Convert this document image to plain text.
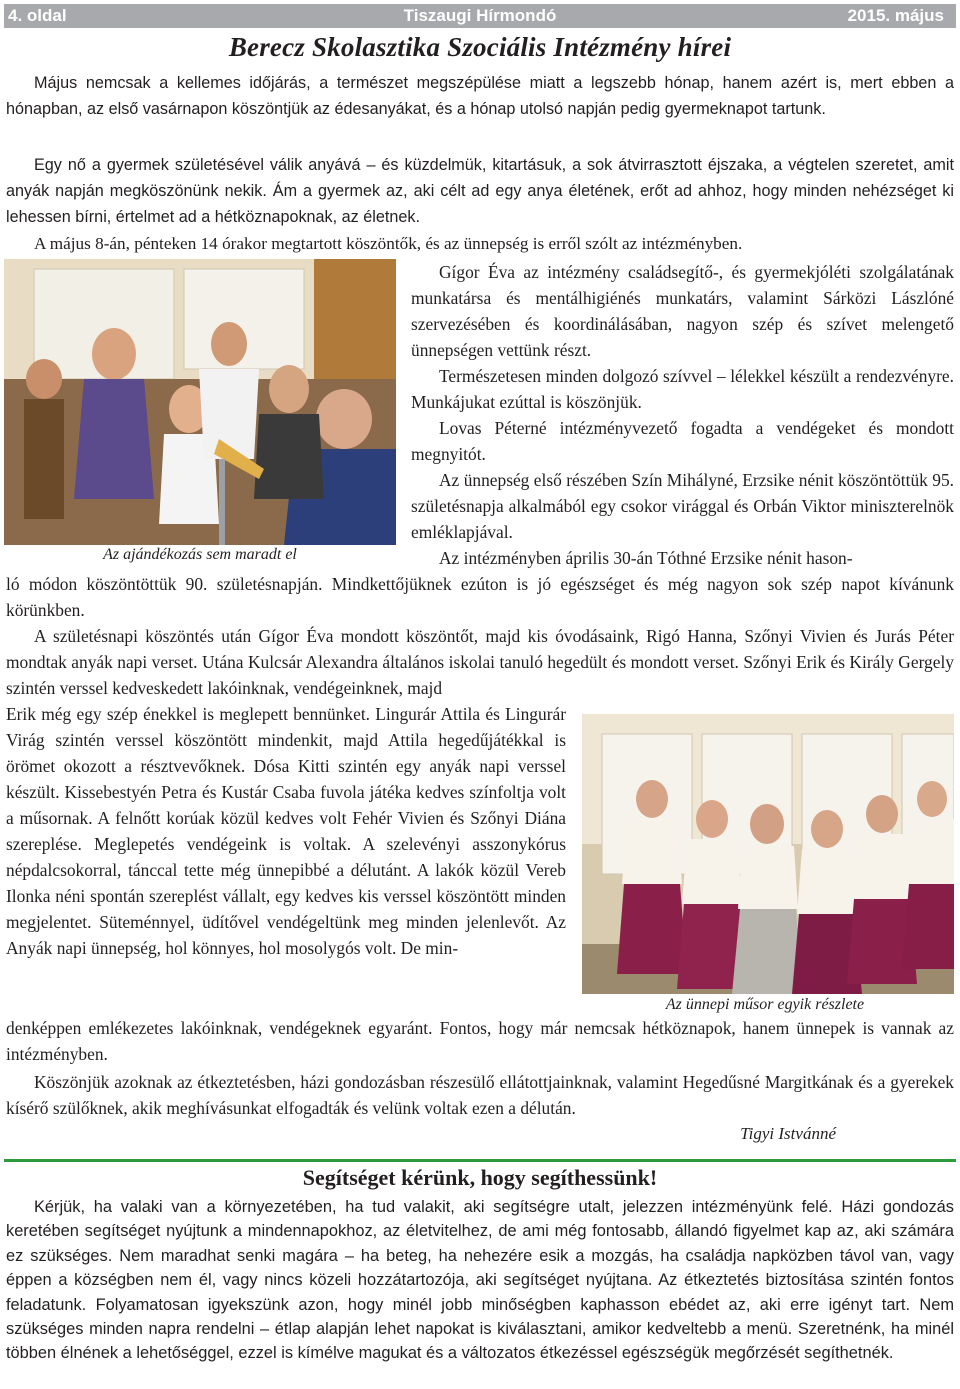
4. oldal	Tiszaugi Hírmondó	2015. május
Berecz Skolasztika Szociális Intézmény hírei

Május nemcsak a kellemes időjárás, a természet megszépülése miatt a legszebb hónap, hanem azért is, mert ebben a hónapban, az első vasárnapon köszöntjük az édesanyákat, és a hónap utolsó napján pedig gyermeknapot tartunk.

Egy nő a gyermek születésével válik anyává – és küzdelmük, kitartásuk, a sok átvirrasztott éjszaka, a végtelen szeretet, amit anyák napján megköszönünk nekik. Ám a gyermek az, aki célt ad egy anya életének, erőt ad ahhoz, hogy minden nehézséget ki lehessen bírni, értelmet ad a hétköznapoknak, az életnek.

A május 8-án, pénteken 14 órakor megtartott köszöntők, és az ünnepség is erről szólt az intézményben.

Az ajándékozás sem maradt el

Gígor Éva az intézmény családsegítő-, és gyermekjóléti szolgálatának munkatársa és mentálhigiénés munkatárs, valamint Sárközi Lászlóné szervezésében és koordinálásában, nagyon szép és szívet melengető ünnepségen vettünk részt.

Természetesen minden dolgozó szívvel – lélekkel készült a rendezvényre. Munkájukat ezúttal is köszönjük.

Lovas Péterné intézményvezető fogadta a vendégeket és mondott megnyitót.

Az ünnepség első részében Szín Mihályné, Erzsike nénit köszöntöttük 95. születésnapja alkalmából egy csokor virággal és Orbán Viktor miniszterelnök emléklapjával.

Az intézményben április 30-án Tóthné Erzsike nénit hason-

ló módon köszöntöttük 90. születésnapján. Mindkettőjüknek ezúton is jó egészséget és még nagyon sok szép napot kívánunk körünkben.

A születésnapi köszöntés után Gígor Éva mondott köszöntőt, majd kis óvodásaink, Rigó Hanna, Szőnyi Vivien és Jurás Péter mondtak anyák napi verset. Utána Kulcsár Alexandra általános iskolai tanuló hegedült és mondott verset. Szőnyi Erik és Király Gergely szintén verssel kedveskedett lakóinknak, vendégeinknek, majd

Erik még egy szép énekkel is meglepett bennünket. Lingurár Attila és Lingurár Virág szintén verssel köszöntött mindenkit, majd Attila hegedűjátékkal is örömet okozott a résztvevőknek. Dósa Kitti szintén egy anyák napi verssel készült. Kissebestyén Petra és Kustár Csaba fuvola játéka kedves színfoltja volt a műsornak. A felnőtt korúak közül kedves volt Fehér Vivien és Szőnyi Diána szereplése. Meglepetés vendégeink is voltak. A szelevényi asszonykórus népdalcsokorral, tánccal tette még ünnepibbé a délutánt. A lakók közül Vereb Ilonka néni spontán szereplést vállalt, egy kedves kis verssel köszöntött minden megjelentet. Süteménnyel, üdítővel vendégeltünk meg minden jelenlevőt. Az Anyák napi ünnepség, hol könnyes, hol mosolygós volt. De min-

Az ünnepi műsor egyik részlete

denképpen emlékezetes lakóinknak, vendégeknek egyaránt. Fontos, hogy már nemcsak hétköznapok, hanem ünnepek is vannak az intézményben.

Köszönjük azoknak az étkeztetésben, házi gondozásban részesülő ellátottjainknak, valamint Hegedűsné Margitkának és a gyerekek kísérő szülőknek, akik meghívásunkat elfogadták és velünk voltak ezen a délután.

Tigyi Istvánné
Segítséget kérünk, hogy segíthessünk!

Kérjük, ha valaki van a környezetében, ha tud valakit, aki segítségre utalt, jelezzen intézményünk felé. Házi gondozás keretében segítséget nyújtunk a mindennapokhoz, az életvitelhez, de ami még fontosabb, állandó figyelmet kap az, aki számára ez szükséges. Nem maradhat senki magára – ha beteg, ha nehezére esik a mozgás, ha családja napközben távol van, vagy éppen a községben nem él, vagy nincs közeli hozzátartozója, aki segítséget nyújtana. Az étkeztetés biztosítása szintén fontos feladatunk. Folyamatosan igyekszünk azon, hogy minél jobb minőségben kaphasson ebédet az, aki erre igényt tart. Nem szükséges minden napra rendelni – étlap alapján lehet napokat is kiválasztani, amikor kedveltebb a menü. Szeretnénk, ha minél többen élnének a lehetőséggel, ezzel is kímélve magukat és a változatos étkezéssel egészségük megőrzését segíthetnék.
